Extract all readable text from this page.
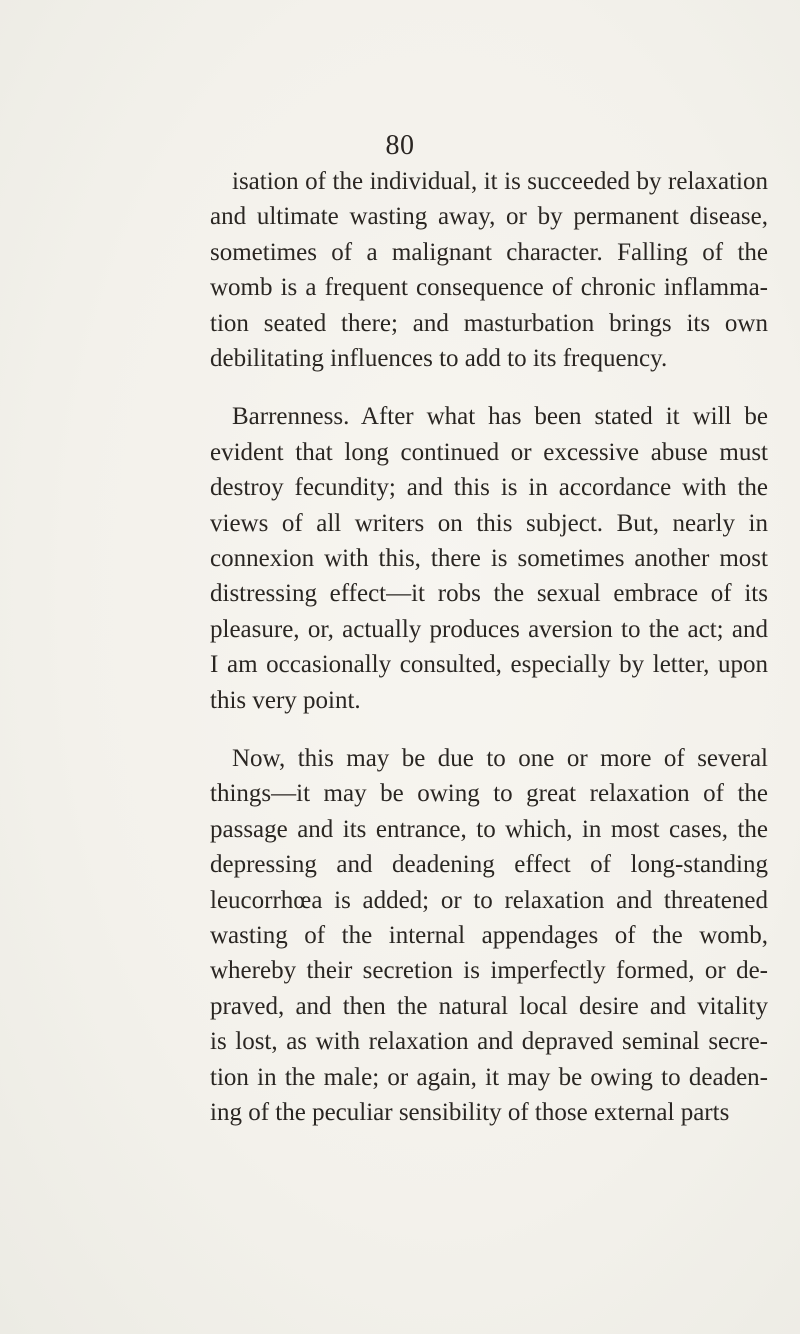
80
isation of the individual, it is succeeded by relaxation
and ultimate wasting away, or by permanent disease,
sometimes of a malignant character. Falling of the
womb is a frequent consequence of chronic inflamma-
tion seated there; and masturbation brings its own
debilitating influences to add to its frequency.
Barrenness. After what has been stated it will be
evident that long continued or excessive abuse must
destroy fecundity; and this is in accordance with the
views of all writers on this subject. But, nearly in
connexion with this, there is sometimes another most
distressing effect—it robs the sexual embrace of its
pleasure, or, actually produces aversion to the act; and
I am occasionally consulted, especially by letter, upon
this very point.
Now, this may be due to one or more of several
things—it may be owing to great relaxation of the
passage and its entrance, to which, in most cases, the
depressing and deadening effect of long-standing
leucorrhœa is added; or to relaxation and threatened
wasting of the internal appendages of the womb,
whereby their secretion is imperfectly formed, or de-
praved, and then the natural local desire and vitality
is lost, as with relaxation and depraved seminal secre-
tion in the male; or again, it may be owing to deaden-
ing of the peculiar sensibility of those external parts
